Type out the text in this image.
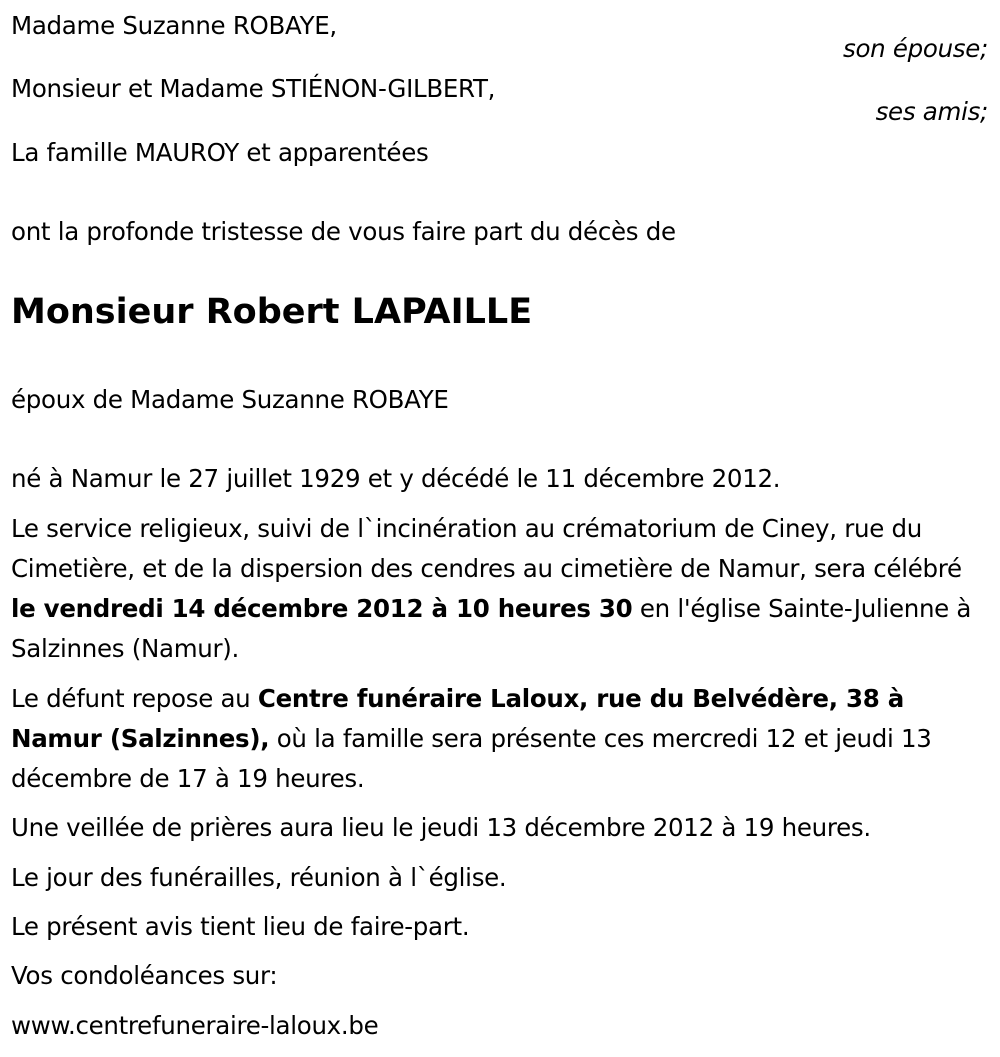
Madame Suzanne ROBAYE,
son épouse;
Monsieur et Madame STIÉNON-GILBERT,
ses amis;
La famille MAUROY et apparentées
ont la profonde tristesse de vous faire part du décès de
Monsieur Robert LAPAILLE
époux de Madame Suzanne ROBAYE
né à Namur le 27 juillet 1929 et y décédé le 11 décembre 2012.
Le service religieux, suivi de l`incinération au crématorium de Ciney, rue du Cimetière, et de la dispersion des cendres au cimetière de Namur, sera célébré le vendredi 14 décembre 2012 à 10 heures 30 en l'église Sainte-Julienne à Salzinnes (Namur).
Le défunt repose au Centre funéraire Laloux, rue du Belvédère, 38 à Namur (Salzinnes), où la famille sera présente ces mercredi 12 et jeudi 13 décembre de 17 à 19 heures.
Une veillée de prières aura lieu le jeudi 13 décembre 2012 à 19 heures.
Le jour des funérailles, réunion à l`église.
Le présent avis tient lieu de faire-part.
Vos condoléances sur:
www.centrefuneraire-laloux.be
